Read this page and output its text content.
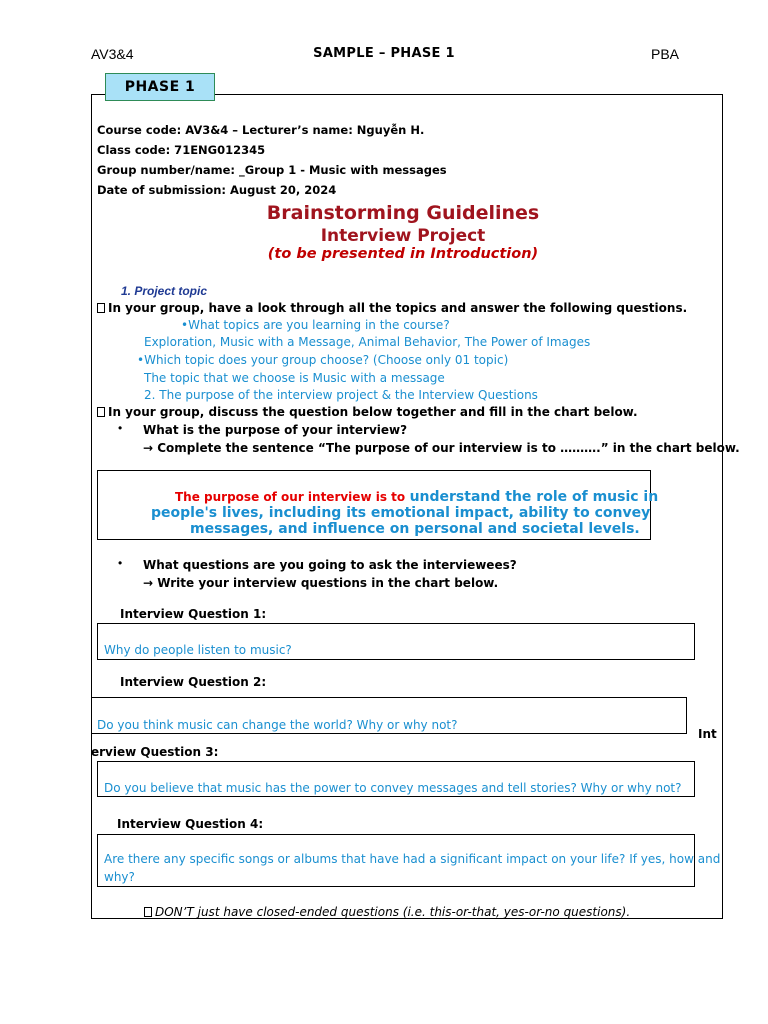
AV3&4	SAMPLE – PHASE 1	PBA
PHASE 1
Course code: AV3&4 – Lecturer’s name: Nguyễn H.
Class code: 71ENG012345
Group number/name: _Group 1 - Music with messages
Date of submission: August 20, 2024
Brainstorming Guidelines
Interview Project
(to be presented in Introduction)
1. Project topic
In your group, have a look through all the topics and answer the following questions.
•What topics are you learning in the course?
Exploration, Music with a Message, Animal Behavior, The Power of Images
•Which topic does your group choose? (Choose only 01 topic)
The topic that we choose is Music with a message
2. The purpose of the interview project & the Interview Questions
In your group, discuss the question below together and fill in the chart below.
• What is the purpose of your interview?
→ Complete the sentence “The purpose of our interview is to ……….” in the chart below.
The purpose of our interview is to understand the role of music in
people's lives, including its emotional impact, ability to convey
messages, and influence on personal and societal levels.
• What questions are you going to ask the interviewees?
→ Write your interview questions in the chart below.
Interview Question 1:
Why do people listen to music?
Interview Question 2:
Do you think music can change the world? Why or why not?
Int
erview Question 3:
Do you believe that music has the power to convey messages and tell stories? Why or why not?
Interview Question 4:
Are there any specific songs or albums that have had a significant impact on your life? If yes, how and
why?
DON’T just have closed-ended questions (i.e. this-or-that, yes-or-no questions).
